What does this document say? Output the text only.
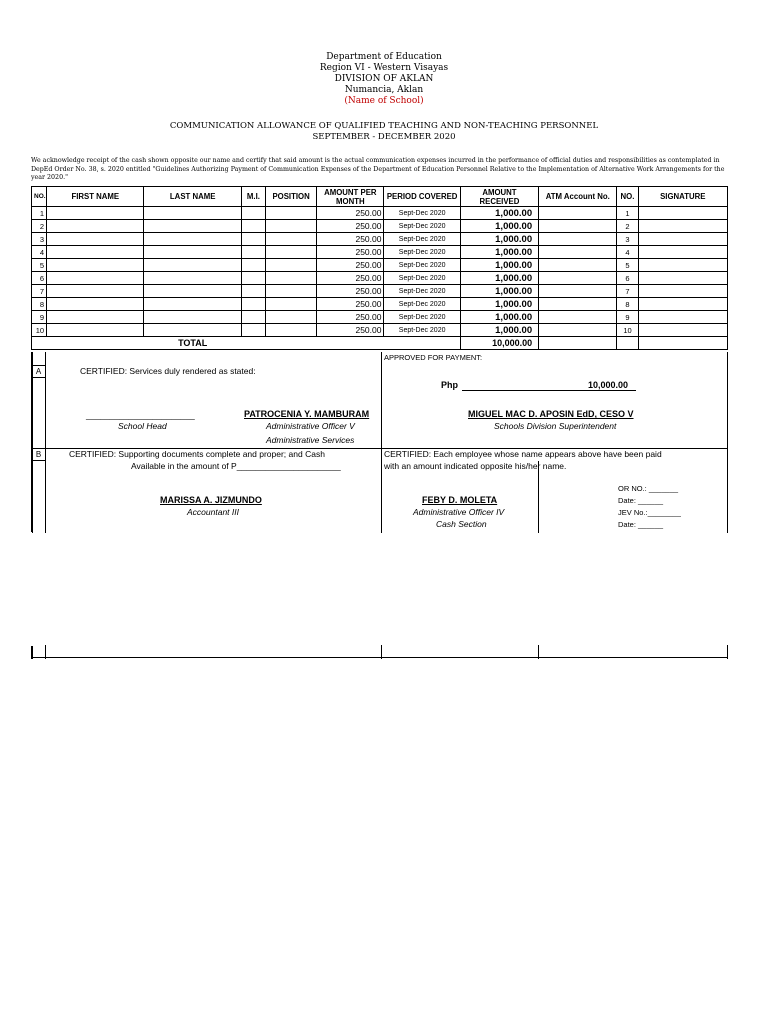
Department of Education
Region VI - Western Visayas
DIVISION OF AKLAN
Numancia, Aklan
(Name of School)
COMMUNICATION ALLOWANCE OF QUALIFIED TEACHING AND NON-TEACHING PERSONNEL
SEPTEMBER - DECEMBER 2020
We acknowledge receipt of the cash shown opposite our name and certify that said amount is the actual communication expenses incurred in the performance of official duties and responsibilities as contemplated in DepEd Order No. 38, s. 2020 entitled "Guidelines Authorizing Payment of Communication Expenses of the Department of Education Personnel Relative to the Implementation of Alternative Work Arrangements for the year 2020."
NO.	FIRST NAME	LAST NAME	M.I.	POSITION	AMOUNT PER MONTH	PERIOD COVERED	AMOUNT RECEIVED	ATM Account No.	NO.	SIGNATURE
1					250.00	Sept-Dec 2020	1,000.00		1	
2					250.00	Sept-Dec 2020	1,000.00		2	
3					250.00	Sept-Dec 2020	1,000.00		3	
4					250.00	Sept-Dec 2020	1,000.00		4	
5					250.00	Sept-Dec 2020	1,000.00		5	
6					250.00	Sept-Dec 2020	1,000.00		6	
7					250.00	Sept-Dec 2020	1,000.00		7	
8					250.00	Sept-Dec 2020	1,000.00		8	
9					250.00	Sept-Dec 2020	1,000.00		9	
10					250.00	Sept-Dec 2020	1,000.00		10	
		TOTAL					10,000.00			
A	CERTIFIED: Services duly rendered as stated:
_______________________
School Head
PATROCENIA Y. MAMBURAM
Administrative Officer V
Administrative Services
APPROVED FOR PAYMENT:
Php	10,000.00
MIGUEL MAC D. APOSIN EdD, CESO V
Schools Division Superintendent
B	CERTIFIED: Supporting documents complete and proper; and Cash
Available in the amount of P______________________
MARISSA A. JIZMUNDO
Accountant III
CERTIFIED: Each employee whose name appears above have been paid
with an amount indicated opposite his/her name.
FEBY D. MOLETA
Administrative Officer IV
Cash Section
OR NO.: _______
Date: ______
JEV No.:________
Date: ______
